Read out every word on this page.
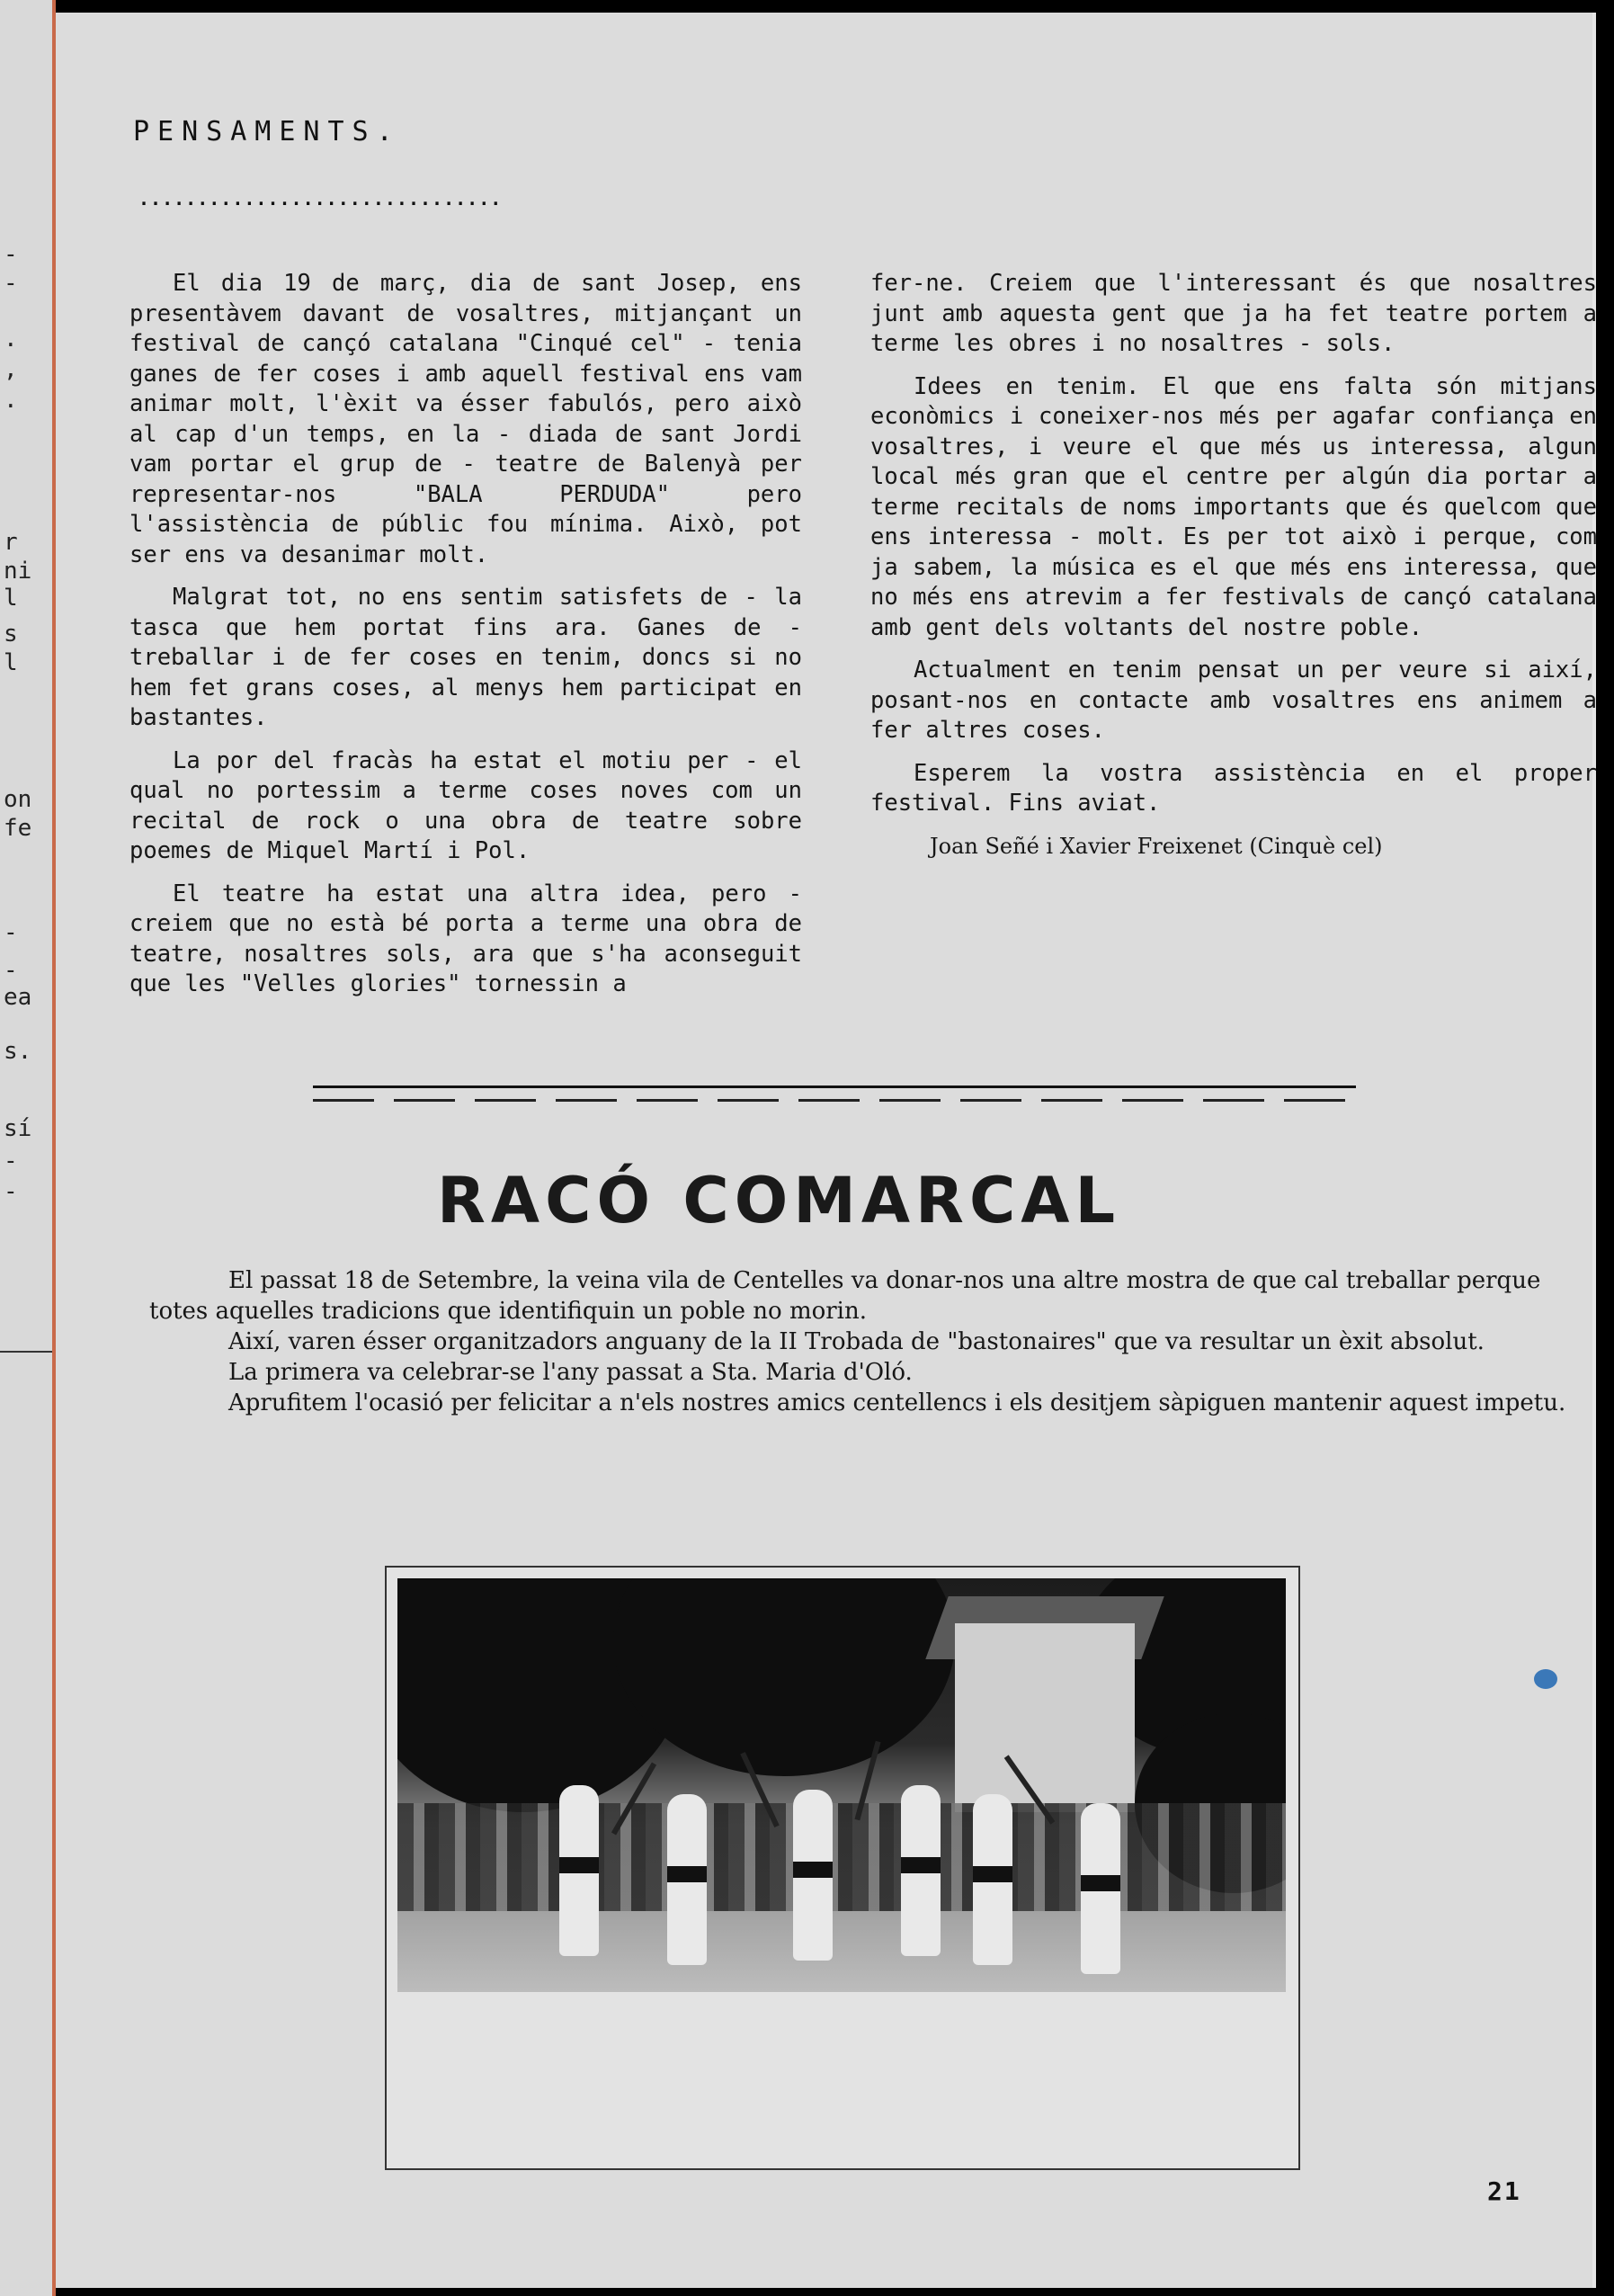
-
-
.
,
.
r
ni
l
s
l
on
fe
-
-
ea
s.
sí
-
-
PENSAMENTS.
...............................

El dia 19 de març, dia de sant Josep, ens presentàvem davant de vosaltres, mitjançant un festival de cançó catalana "Cinqué cel" - tenia ganes de fer coses i amb aquell festival ens vam animar molt, l'èxit va ésser fabulós, pero això al cap d'un temps, en la - diada de sant Jordi vam portar el grup de - teatre de Balenyà per representar-nos "BALA PERDUDA" pero l'assistència de públic fou mínima. Això, pot ser ens va desanimar molt.

Malgrat tot, no ens sentim satisfets de - la tasca que hem portat fins ara. Ganes de - treballar i de fer coses en tenim, doncs si no hem fet grans coses, al menys hem participat en bastantes.

La por del fracàs ha estat el motiu per - el qual no portessim a terme coses noves com un recital de rock o una obra de teatre sobre poemes de Miquel Martí i Pol.

El teatre ha estat una altra idea, pero - creiem que no està bé porta a terme una obra de teatre, nosaltres sols, ara que s'ha aconseguit que les "Velles glories" tornessin a

fer-ne. Creiem que l'interessant és que nosaltres junt amb aquesta gent que ja ha fet teatre portem a terme les obres i no nosaltres - sols.

Idees en tenim. El que ens falta són mitjans econòmics i coneixer-nos més per agafar confiança en vosaltres, i veure el que més us interessa, algun local més gran que el centre per algún dia portar a terme recitals de noms importants que és quelcom que ens interessa - molt. Es per tot això i perque, com ja sabem, la música es el que més ens interessa, que no més ens atrevim a fer festivals de cançó catalana amb gent dels voltants del nostre poble.

Actualment en tenim pensat un per veure si així, posant-nos en contacte amb vosaltres ens animem a fer altres coses.

Esperem la vostra assistència en el proper festival. Fins aviat.

Joan Señé i Xavier Freixenet (Cinquè cel)

RACÓ COMARCAL

El passat 18 de Setembre, la veina vila de Centelles va donar-nos una altre mostra de que cal treballar perque totes aquelles tradicions que identifiquin un poble no morin.

Així, varen ésser organitzadors anguany de la II Trobada de "bastonaires" que va resultar un èxit absolut.

La primera va celebrar-se l'any passat a Sta. Maria d'Oló.

Aprufitem l'ocasió per felicitar a n'els nostres amics centellencs i els desitjem sàpiguen mantenir aquest impetu.

21
